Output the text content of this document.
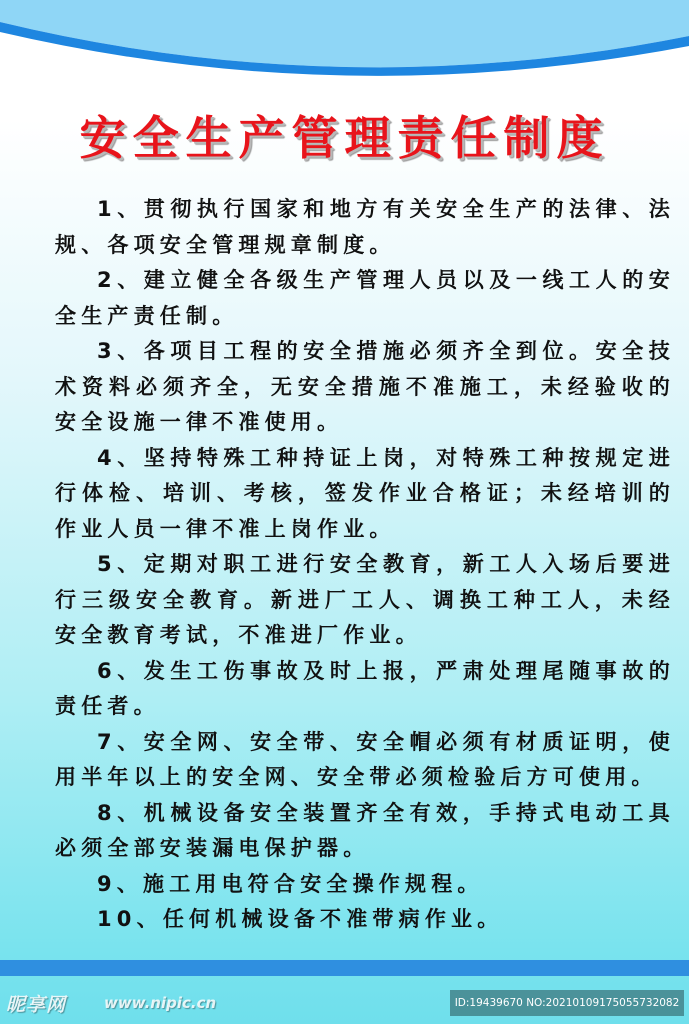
安全生产管理责任制度

1、贯彻执行国家和地方有关安全生产的法律、法规、各项安全管理规章制度。

2、建立健全各级生产管理人员以及一线工人的安全生产责任制。

3、各项目工程的安全措施必须齐全到位。安全技术资料必须齐全，无安全措施不准施工，未经验收的安全设施一律不准使用。

4、坚持特殊工种持证上岗，对特殊工种按规定进行体检、培训、考核，签发作业合格证；未经培训的作业人员一律不准上岗作业。

5、定期对职工进行安全教育，新工人入场后要进行三级安全教育。新进厂工人、调换工种工人，未经安全教育考试，不准进厂作业。

6、发生工伤事故及时上报，严肃处理尾随事故的责任者。

7、安全网、安全带、安全帽必须有材质证明，使用半年以上的安全网、安全带必须检验后方可使用。

8、机械设备安全装置齐全有效，手持式电动工具必须全部安装漏电保护器。

9、施工用电符合安全操作规程。

10、任何机械设备不准带病作业。

昵享网	www.nipic.cn	ID:19439670 NO:20210109175055732082
